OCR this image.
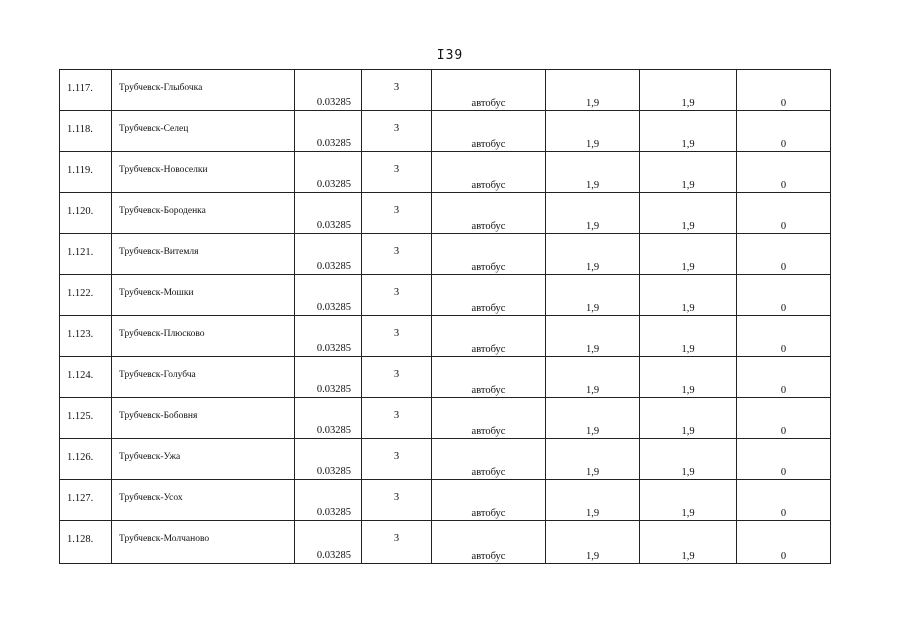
I39
1.117.	Трубчевск-Глыбочка	0.03285	3	автобус	1,9	1,9	0

1.118.	Трубчевск-Селец	0.03285	3	автобус	1,9	1,9	0

1.119.	Трубчевск-Новоселки	0.03285	3	автобус	1,9	1,9	0

1.120.	Трубчевск-Бороденка	0.03285	3	автобус	1,9	1,9	0

1.121.	Трубчевск-Витемля	0.03285	3	автобус	1,9	1,9	0

1.122.	Трубчевск-Мошки	0.03285	3	автобус	1,9	1,9	0

1.123.	Трубчевск-Плюсково	0.03285	3	автобус	1,9	1,9	0

1.124.	Трубчевск-Голубча	0.03285	3	автобус	1,9	1,9	0

1.125.	Трубчевск-Бобовня	0.03285	3	автобус	1,9	1,9	0

1.126.	Трубчевск-Ужа	0.03285	3	автобус	1,9	1,9	0

1.127.	Трубчевск-Усох	0.03285	3	автобус	1,9	1,9	0

1.128.	Трубчевск-Молчаново	0.03285	3	автобус	1,9	1,9	0
